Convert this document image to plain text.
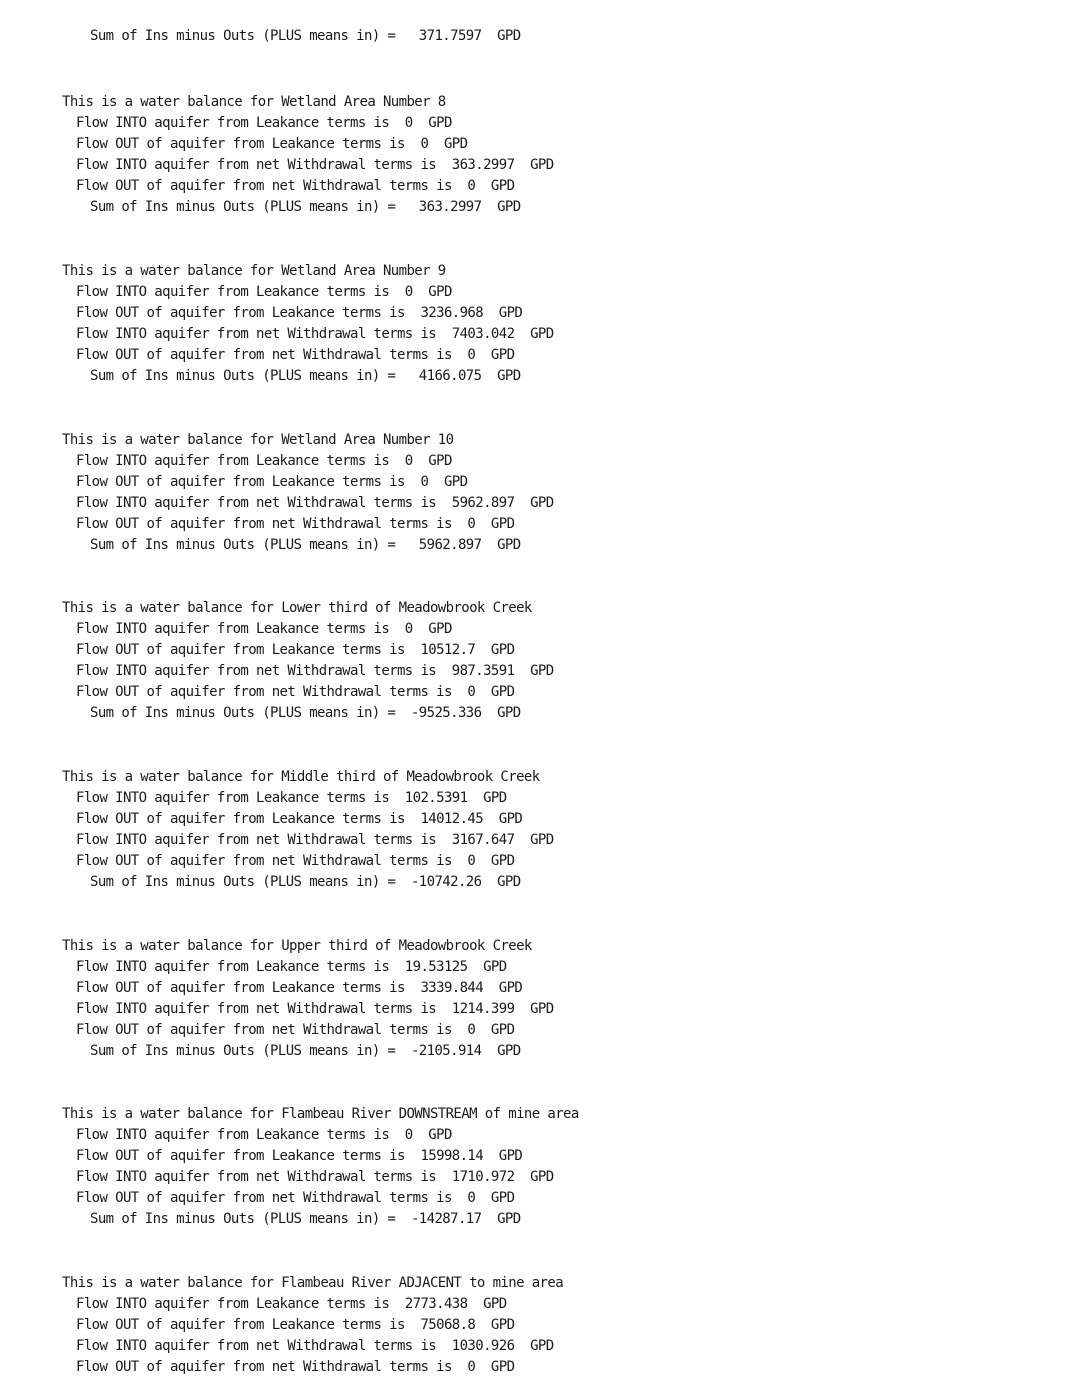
Sum of Ins minus Outs (PLUS means in) =   371.7597  GPD
This is a water balance for Wetland Area Number 8
Flow INTO aquifer from Leakance terms is  0  GPD
Flow OUT of aquifer from Leakance terms is  0  GPD
Flow INTO aquifer from net Withdrawal terms is  363.2997  GPD
Flow OUT of aquifer from net Withdrawal terms is  0  GPD
Sum of Ins minus Outs (PLUS means in) =   363.2997  GPD
This is a water balance for Wetland Area Number 9
Flow INTO aquifer from Leakance terms is  0  GPD
Flow OUT of aquifer from Leakance terms is  3236.968  GPD
Flow INTO aquifer from net Withdrawal terms is  7403.042  GPD
Flow OUT of aquifer from net Withdrawal terms is  0  GPD
Sum of Ins minus Outs (PLUS means in) =   4166.075  GPD
This is a water balance for Wetland Area Number 10
Flow INTO aquifer from Leakance terms is  0  GPD
Flow OUT of aquifer from Leakance terms is  0  GPD
Flow INTO aquifer from net Withdrawal terms is  5962.897  GPD
Flow OUT of aquifer from net Withdrawal terms is  0  GPD
Sum of Ins minus Outs (PLUS means in) =   5962.897  GPD
This is a water balance for Lower third of Meadowbrook Creek
Flow INTO aquifer from Leakance terms is  0  GPD
Flow OUT of aquifer from Leakance terms is  10512.7  GPD
Flow INTO aquifer from net Withdrawal terms is  987.3591  GPD
Flow OUT of aquifer from net Withdrawal terms is  0  GPD
Sum of Ins minus Outs (PLUS means in) =  -9525.336  GPD
This is a water balance for Middle third of Meadowbrook Creek
Flow INTO aquifer from Leakance terms is  102.5391  GPD
Flow OUT of aquifer from Leakance terms is  14012.45  GPD
Flow INTO aquifer from net Withdrawal terms is  3167.647  GPD
Flow OUT of aquifer from net Withdrawal terms is  0  GPD
Sum of Ins minus Outs (PLUS means in) =  -10742.26  GPD
This is a water balance for Upper third of Meadowbrook Creek
Flow INTO aquifer from Leakance terms is  19.53125  GPD
Flow OUT of aquifer from Leakance terms is  3339.844  GPD
Flow INTO aquifer from net Withdrawal terms is  1214.399  GPD
Flow OUT of aquifer from net Withdrawal terms is  0  GPD
Sum of Ins minus Outs (PLUS means in) =  -2105.914  GPD
This is a water balance for Flambeau River DOWNSTREAM of mine area
Flow INTO aquifer from Leakance terms is  0  GPD
Flow OUT of aquifer from Leakance terms is  15998.14  GPD
Flow INTO aquifer from net Withdrawal terms is  1710.972  GPD
Flow OUT of aquifer from net Withdrawal terms is  0  GPD
Sum of Ins minus Outs (PLUS means in) =  -14287.17  GPD
This is a water balance for Flambeau River ADJACENT to mine area
Flow INTO aquifer from Leakance terms is  2773.438  GPD
Flow OUT of aquifer from Leakance terms is  75068.8  GPD
Flow INTO aquifer from net Withdrawal terms is  1030.926  GPD
Flow OUT of aquifer from net Withdrawal terms is  0  GPD
